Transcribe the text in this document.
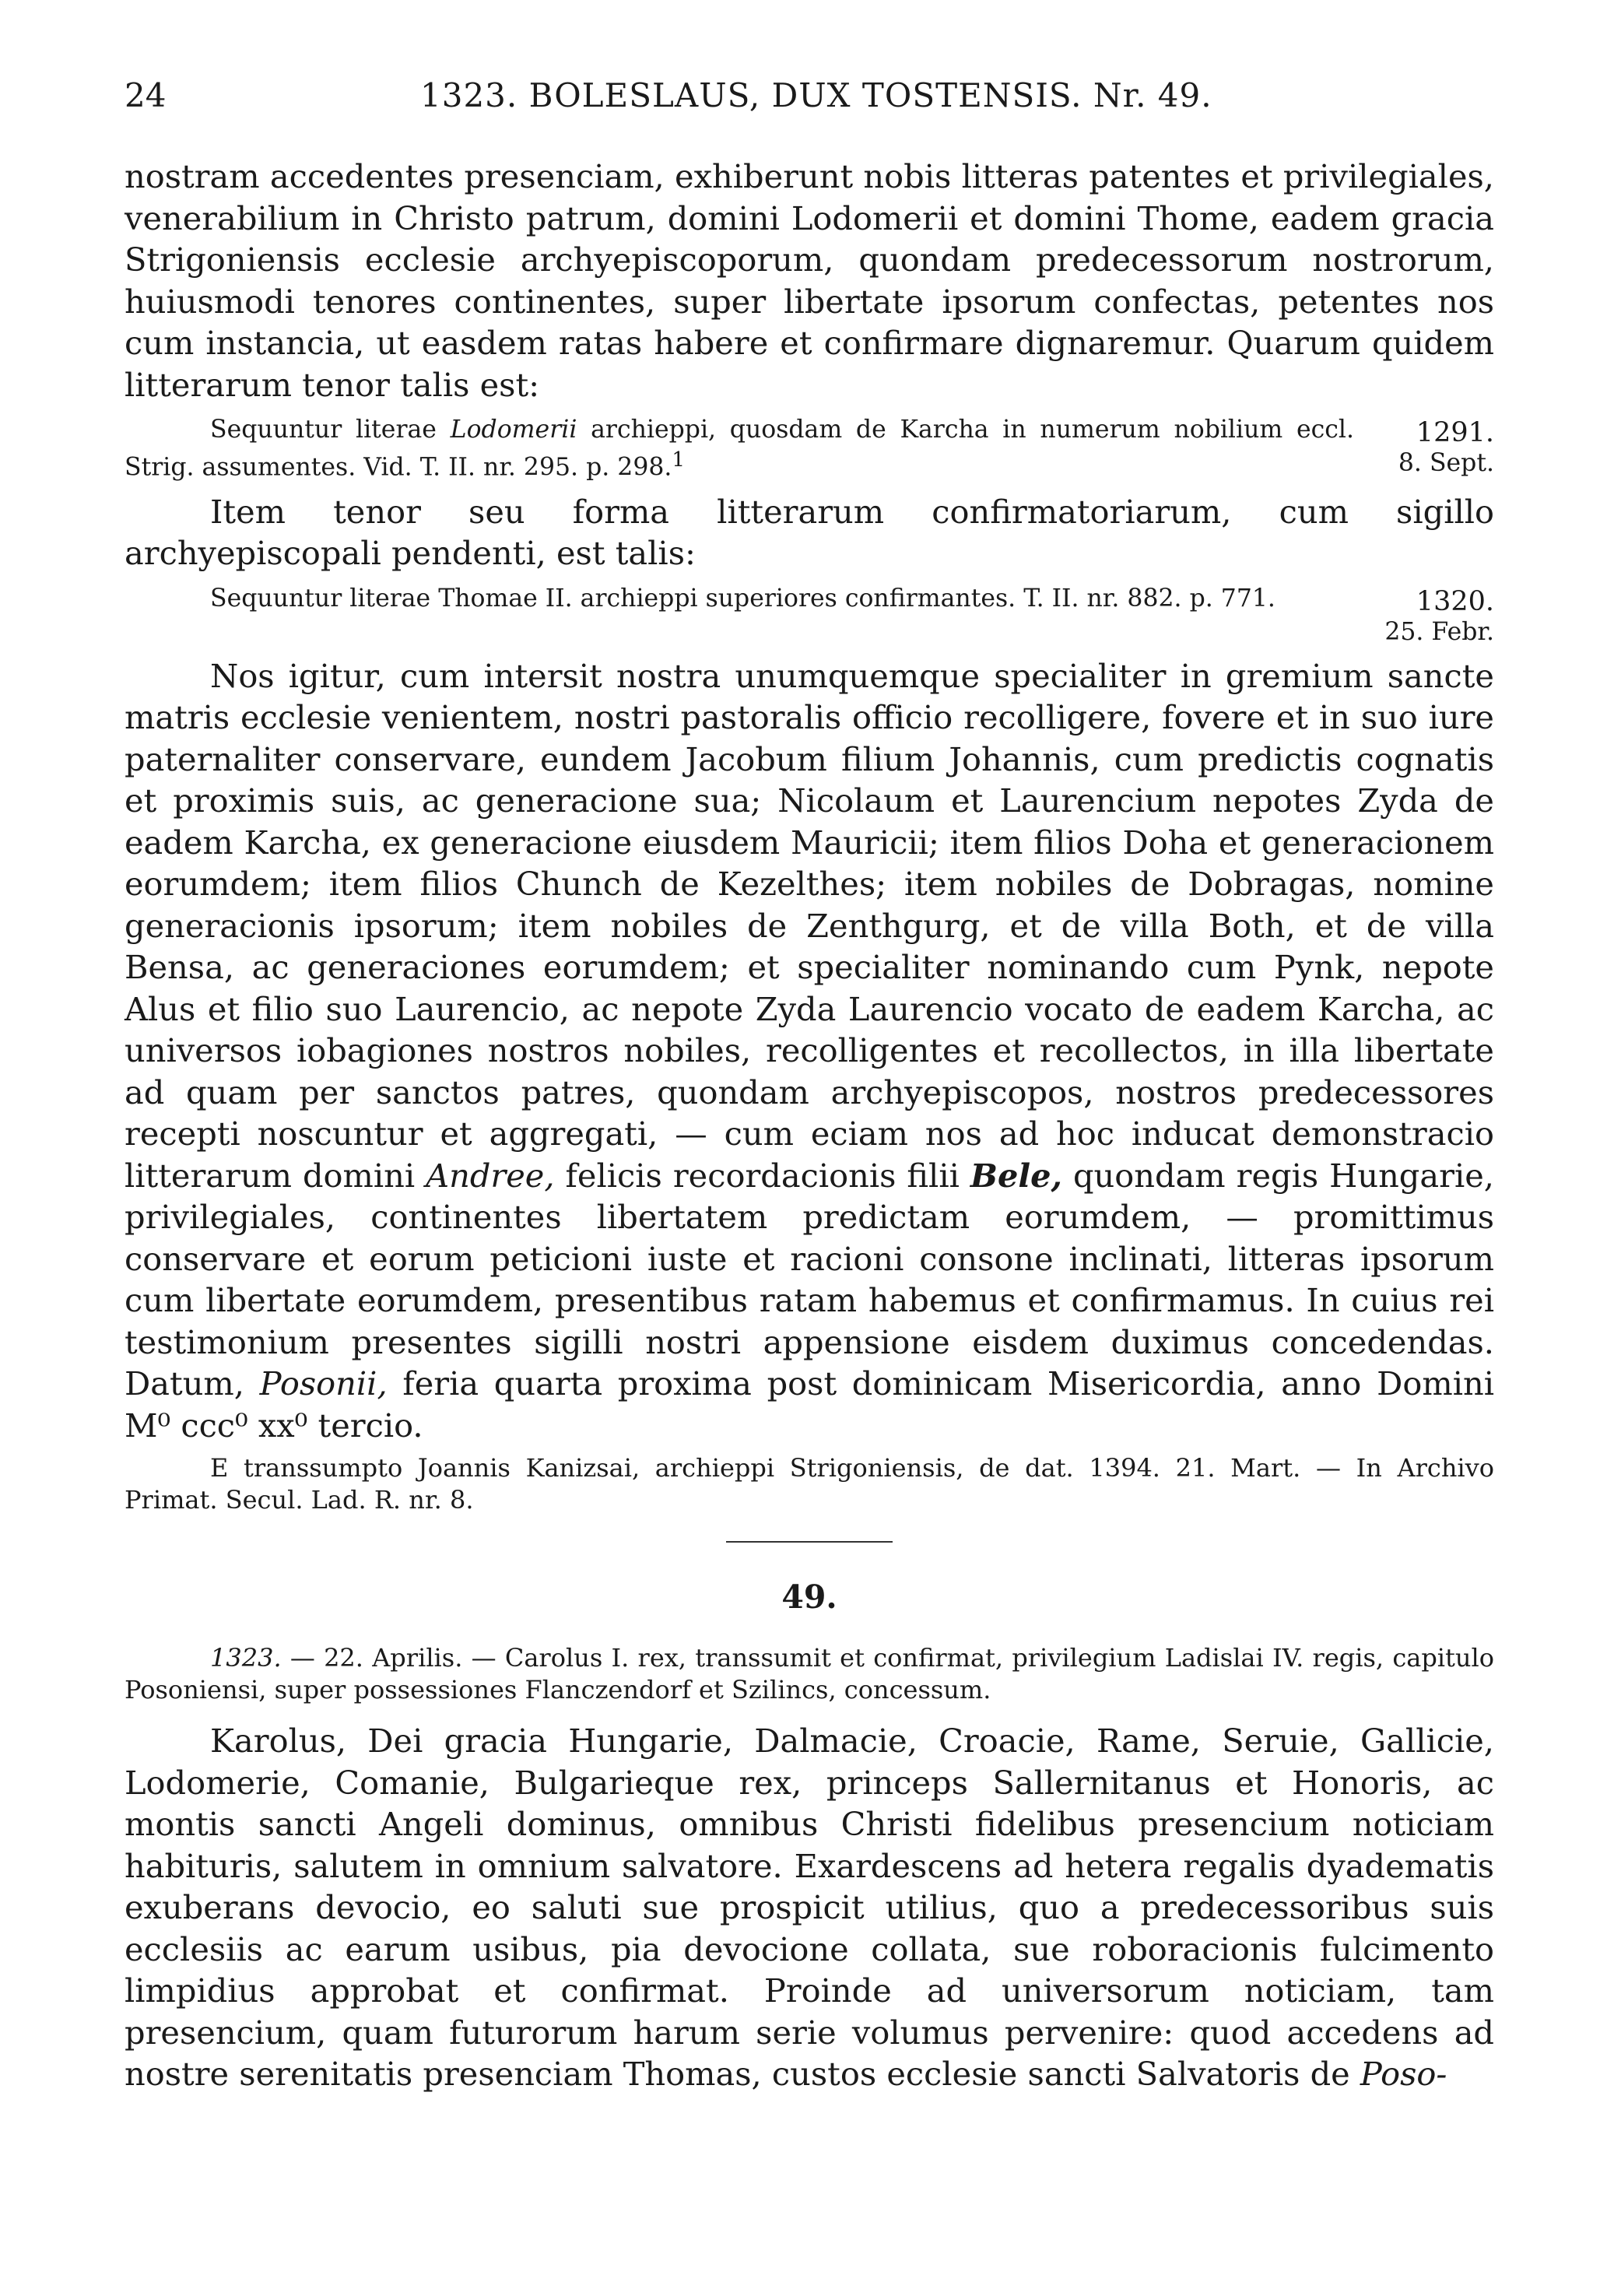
24	1323. BOLESLAUS, DUX TOSTENSIS. Nr. 49.

nostram accedentes presenciam, exhiberunt nobis litteras patentes et privilegiales, venerabilium in Christo patrum, domini Lodomerii et domini Thome, eadem gracia Strigoniensis ecclesie archyepiscoporum, quondam predecessorum nostrorum, huiusmodi tenores continentes, super libertate ipsorum confectas, petentes nos cum instancia, ut easdem ratas habere et confirmare dignaremur. Quarum quidem litterarum tenor talis est:

Sequuntur literae Lodomerii archieppi, quosdam de Karcha in numerum nobilium eccl. Strig. assumentes. Vid. T. II. nr. 295. p. 298.$^1$
1291.
8. Sept.

Item tenor seu forma litterarum confirmatoriarum, cum sigillo archyepiscopali pendenti, est talis:

Sequuntur literae Thomae II. archieppi superiores confirmantes. T. II. nr. 882. p. 771.	1320.
25. Febr.

Nos igitur, cum intersit nostra unumquemque specialiter in gremium sancte matris ecclesie venientem, nostri pastoralis officio recolligere, fovere et in suo iure paternaliter conservare, eundem Jacobum filium Johannis, cum predictis cognatis et proximis suis, ac generacione sua; Nicolaum et Laurencium nepotes Zyda de eadem Karcha, ex generacione eiusdem Mauricii; item filios Doha et generacionem eorumdem; item filios Chunch de Kezelthes; item nobiles de Dobragas, nomine generacionis ipsorum; item nobiles de Zenthgurg, et de villa Both, et de villa Bensa, ac generaciones eorumdem; et specialiter nominando cum Pynk, nepote Alus et filio suo Laurencio, ac nepote Zyda Laurencio vocato de eadem Karcha, ac universos iobagiones nostros nobiles, recolligentes et recollectos, in illa libertate ad quam per sanctos patres, quondam archyepiscopos, nostros predecessores recepti noscuntur et aggregati, — cum eciam nos ad hoc inducat demonstracio litterarum domini Andree, felicis recordacionis filii Bele, quondam regis Hungarie, privilegiales, continentes libertatem predictam eorumdem, — promittimus conservare et eorum peticioni iuste et racioni consone inclinati, litteras ipsorum cum libertate eorumdem, presentibus ratam habemus et confirmamus. In cuius rei testimonium presentes sigilli nostri appensione eisdem duximus concedendas. Datum, Posonii, feria quarta proxima post dominicam Misericordia, anno Domini M⁰ ccc⁰ xx⁰ tercio.

E transsumpto Joannis Kanizsai, archieppi Strigoniensis, de dat. 1394. 21. Mart. — In Archivo Primat. Secul. Lad. R. nr. 8.

49.

1323. — 22. Aprilis. — Carolus I. rex, transsumit et confirmat, privilegium Ladislai IV. regis, capitulo Posoniensi, super possessiones Flanczendorf et Szilincs, concessum.

Karolus, Dei gracia Hungarie, Dalmacie, Croacie, Rame, Seruie, Gallicie, Lodomerie, Comanie, Bulgarieque rex, princeps Sallernitanus et Honoris, ac montis sancti Angeli dominus, omnibus Christi fidelibus presencium noticiam habituris, salutem in omnium salvatore. Exardescens ad hetera regalis dyadematis exuberans devocio, eo saluti sue prospicit utilius, quo a predecessoribus suis ecclesiis ac earum usibus, pia devocione collata, sue roboracionis fulcimento limpidius approbat et confirmat. Proinde ad universorum noticiam, tam presencium, quam futurorum harum serie volumus pervenire: quod accedens ad nostre serenitatis presenciam Thomas, custos ecclesie sancti Salvatoris de Poso-
